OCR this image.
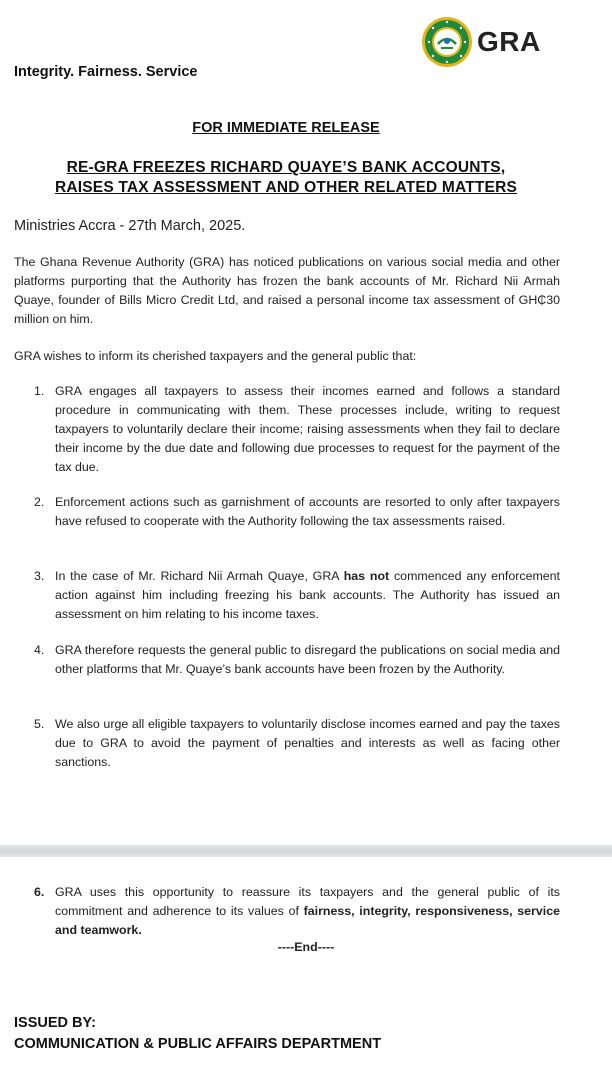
GRA
Integrity. Fairness. Service
FOR IMMEDIATE RELEASE
RE-GRA FREEZES RICHARD QUAYE’S BANK ACCOUNTS,
RAISES TAX ASSESSMENT AND OTHER RELATED MATTERS
Ministries Accra - 27th March, 2025.

The Ghana Revenue Authority (GRA) has noticed publications on various social media and other platforms purporting that the Authority has frozen the bank accounts of Mr. Richard Nii Armah Quaye, founder of Bills Micro Credit Ltd, and raised a personal income tax assessment of GH₵30 million on him.

GRA wishes to inform its cherished taxpayers and the general public that:

1. GRA engages all taxpayers to assess their incomes earned and follows a standard procedure in communicating with them. These processes include, writing to request taxpayers to voluntarily declare their income; raising assessments when they fail to declare their income by the due date and following due processes to request for the payment of the tax due.
2. Enforcement actions such as garnishment of accounts are resorted to only after taxpayers have refused to cooperate with the Authority following the tax assessments raised.
3. In the case of Mr. Richard Nii Armah Quaye, GRA has not commenced any enforcement action against him including freezing his bank accounts. The Authority has issued an assessment on him relating to his income taxes.
4. GRA therefore requests the general public to disregard the publications on social media and other platforms that Mr. Quaye’s bank accounts have been frozen by the Authority.
5. We also urge all eligible taxpayers to voluntarily disclose incomes earned and pay the taxes due to GRA to avoid the payment of penalties and interests as well as facing other sanctions.
6. GRA uses this opportunity to reassure its taxpayers and the general public of its commitment and adherence to its values of fairness, integrity, responsiveness, service and teamwork.
----End----
ISSUED BY:
COMMUNICATION & PUBLIC AFFAIRS DEPARTMENT
